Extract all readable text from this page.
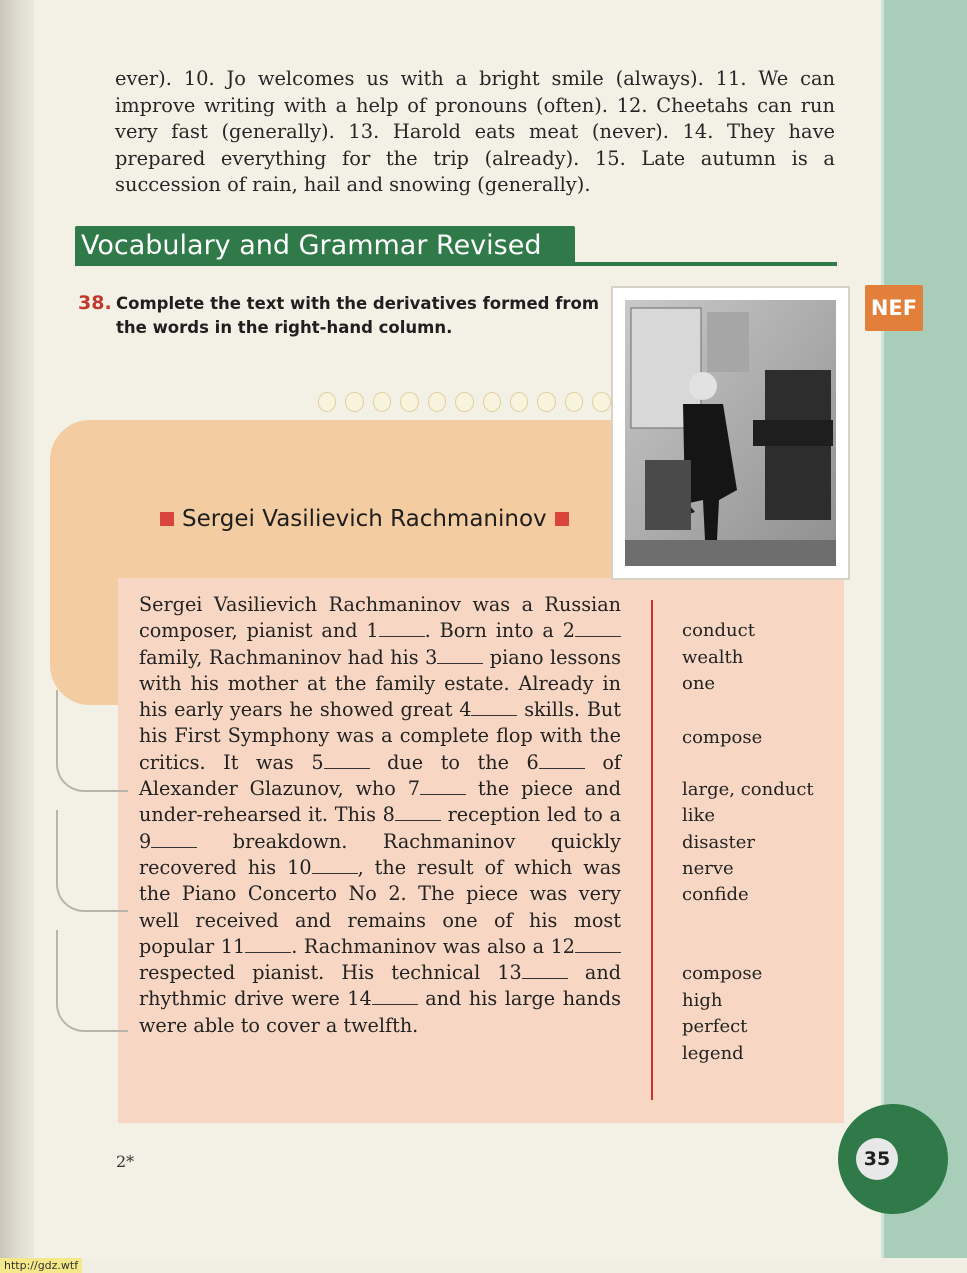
ever). 10. Jo welcomes us with a bright smile (always). 11. We can improve writing with a help of pronouns (often). 12. Cheetahs can run very fast (generally). 13. Harold eats meat (never). 14. They have prepared everything for the trip (already). 15. Late autumn is a succession of rain, hail and snowing (generally).

Vocabulary and Grammar Revised
NEF
38. Complete the text with the derivatives formed from the words in the right-hand column.

Sergei Vasilievich Rachmaninov

Sergei Vasilievich Rachmaninov was a Russian composer, pianist and 1 . Born into a 2 family, Rachmaninov had his 3 piano lessons with his mother at the family estate. Already in his early years he showed great 4 skills. But his First Symphony was a complete flop with the critics. It was 5 due to the 6 of Alexander Glazunov, who 7 the piece and under-rehearsed it. This 8 reception led to a 9 breakdown. Rachmaninov quickly recovered his 10 , the result of which was the Piano Concerto No 2. The piece was very well received and remains one of his most popular 11 . Rachmaninov was also a 12 respected pianist. His technical 13 and rhythmic drive were 14 and his large hands were able to cover a twelfth.

conduct
wealth
one
compose
large, conduct
like
disaster
nerve
confide
compose
high
perfect
legend
35
2*
http://gdz.wtf
